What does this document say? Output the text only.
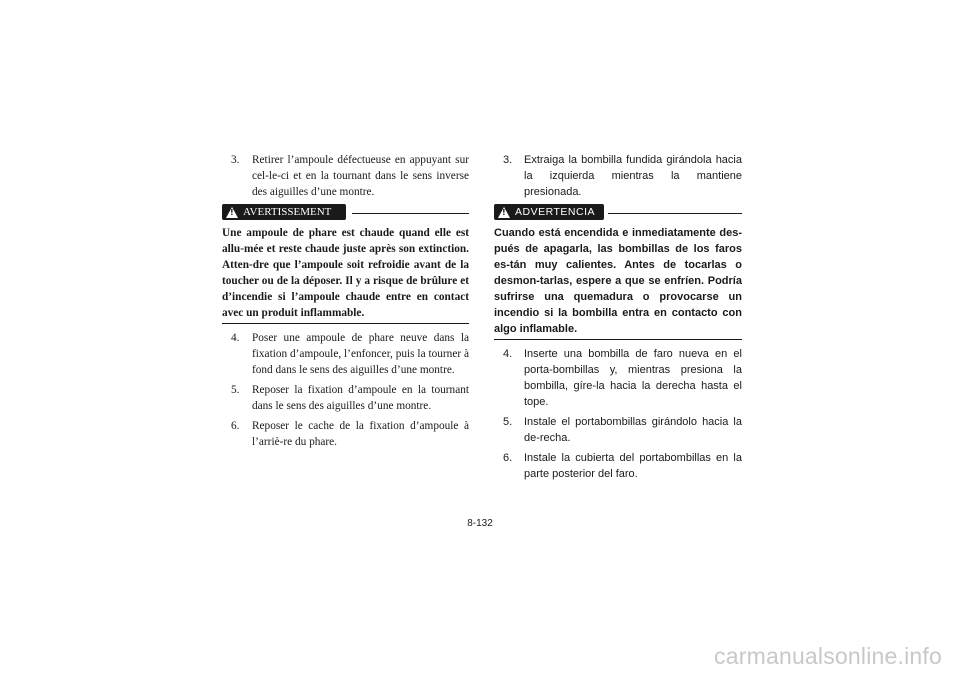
3. Retirer l’ampoule défectueuse en appuyant sur cel-le-ci et en la tournant dans le sens inverse des aiguilles d’une montre.

!
AVERTISSEMENT

Une ampoule de phare est chaude quand elle est allu-mée et reste chaude juste après son extinction. Atten-dre que l’ampoule soit refroidie avant de la toucher ou de la déposer. Il y a risque de brûlure et d’incendie si l’ampoule chaude entre en contact avec un produit inflammable.

4. Poser une ampoule de phare neuve dans la fixation d’ampoule, l’enfoncer, puis la tourner à fond dans le sens des aiguilles d’une montre.

5. Reposer la fixation d’ampoule en la tournant dans le sens des aiguilles d’une montre.

6. Reposer le cache de la fixation d’ampoule à l’arriè-re du phare.

3. Extraiga la bombilla fundida girándola hacia la izquierda mientras la mantiene presionada.

!
ADVERTENCIA

Cuando está encendida e inmediatamente des-pués de apagarla, las bombillas de los faros es-tán muy calientes. Antes de tocarlas o desmon-tarlas, espere a que se enfríen. Podría sufrirse una quemadura o provocarse un incendio si la bombilla entra en contacto con algo inflamable.

4. Inserte una bombilla de faro nueva en el porta-bombillas y, mientras presiona la bombilla, gíre-la hacia la derecha hasta el tope.

5. Instale el portabombillas girándolo hacia la de-recha.

6. Instale la cubierta del portabombillas en la parte posterior del faro.

8-132
carmanualsonline.info
